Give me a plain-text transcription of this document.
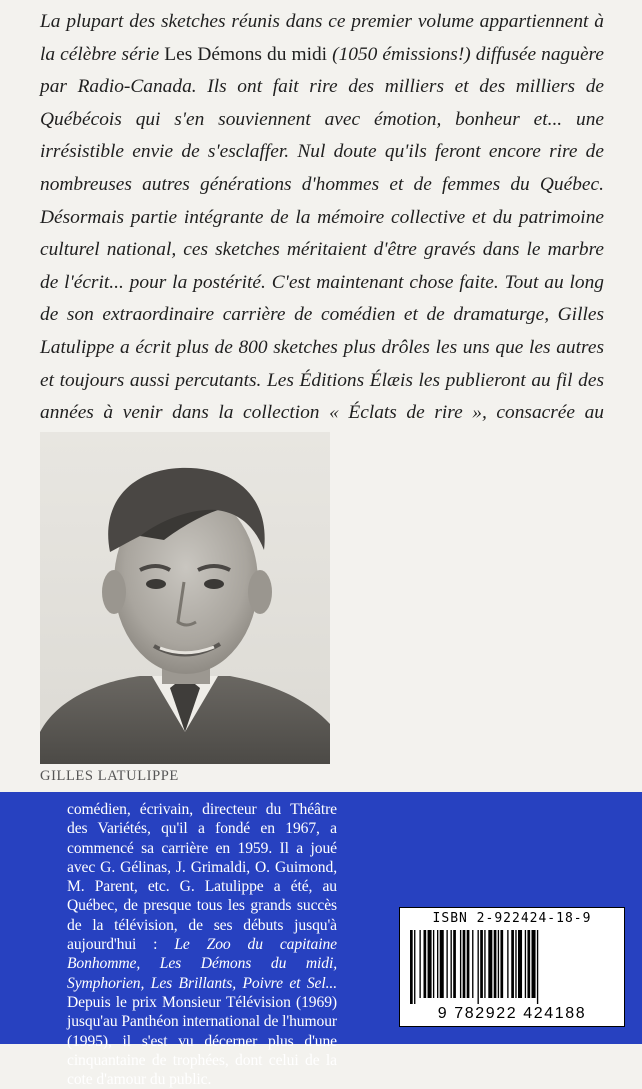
La plupart des sketches réunis dans ce premier volume appartiennent à la célèbre série Les Démons du midi (1050 émissions!) diffusée naguère par Radio-Canada. Ils ont fait rire des milliers et des milliers de Québécois qui s'en souviennent avec émotion, bonheur et... une irrésistible envie de s'esclaffer. Nul doute qu'ils feront encore rire de nombreuses autres générations d'hommes et de femmes du Québec. Désormais partie intégrante de la mémoire collective et du patrimoine culturel national, ces sketches méritaient d'être gravés dans le marbre de l'écrit... pour la postérité. C'est maintenant chose faite. Tout au long de son extraordinaire carrière de comédien et de dramaturge, Gilles Latulippe a écrit plus de 800 sketches plus drôles les uns que les autres et toujours aussi percutants. Les Éditions Élæis les publieront au fil des années à venir dans la collection « Éclats de rire », consacrée au

GILLES LATULIPPE

comédien, écrivain, directeur du Théâtre des Variétés, qu'il a fondé en 1967, a commencé sa carrière en 1959. Il a joué avec G. Gélinas, J. Grimaldi, O. Guimond, M. Parent, etc. G. Latulippe a été, au Québec, de presque tous les grands succès de la télévision, de ses débuts jusqu'à aujourd'hui : Le Zoo du capitaine Bonhomme, Les Démons du midi, Symphorien, Les Brillants, Poivre et Sel... Depuis le prix Monsieur Télévision (1969) jusqu'au Panthéon international de l'humour (1995), il s'est vu décerner plus d'une cinquantaine de trophées, dont celui de la cote d'amour du public.

ISBN 2-922424-18-9
9 782922 424188
